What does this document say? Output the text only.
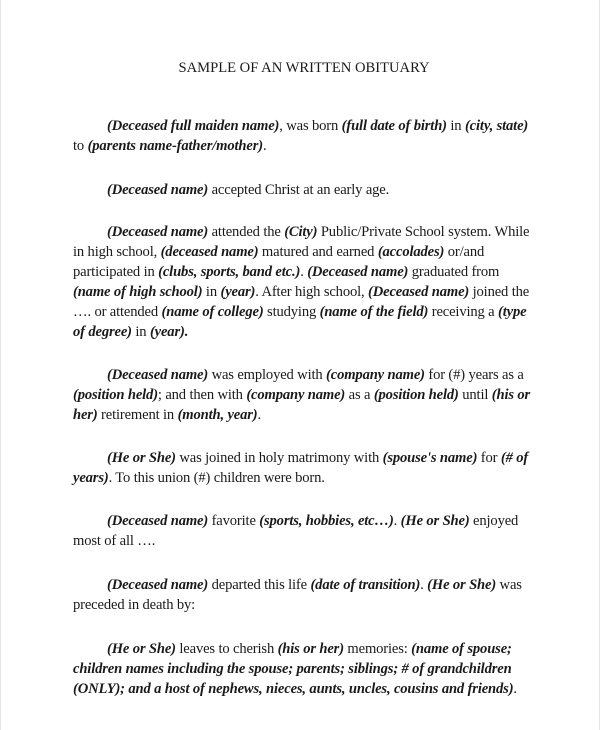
SAMPLE OF AN WRITTEN OBITUARY

(Deceased full maiden name), was born (full date of birth) in (city, state) to (parents name-father/mother).

(Deceased name) accepted Christ at an early age.

(Deceased name) attended the (City) Public/Private School system. While in high school, (deceased name) matured and earned (accolades) or/and participated in (clubs, sports, band etc.). (Deceased name) graduated from (name of high school) in (year). After high school, (Deceased name) joined the …. or attended (name of college) studying (name of the field) receiving a (type of degree) in (year).

(Deceased name) was employed with (company name) for (#) years as a (position held); and then with (company name) as a (position held) until (his or her) retirement in (month, year).

(He or She) was joined in holy matrimony with (spouse's name) for (# of years). To this union (#) children were born.

(Deceased name) favorite (sports, hobbies, etc…). (He or She) enjoyed most of all ….

(Deceased name) departed this life (date of transition). (He or She) was preceded in death by:

(He or She) leaves to cherish (his or her) memories: (name of spouse; children names including the spouse; parents; siblings; # of grandchildren (ONLY); and a host of nephews, nieces, aunts, uncles, cousins and friends).
